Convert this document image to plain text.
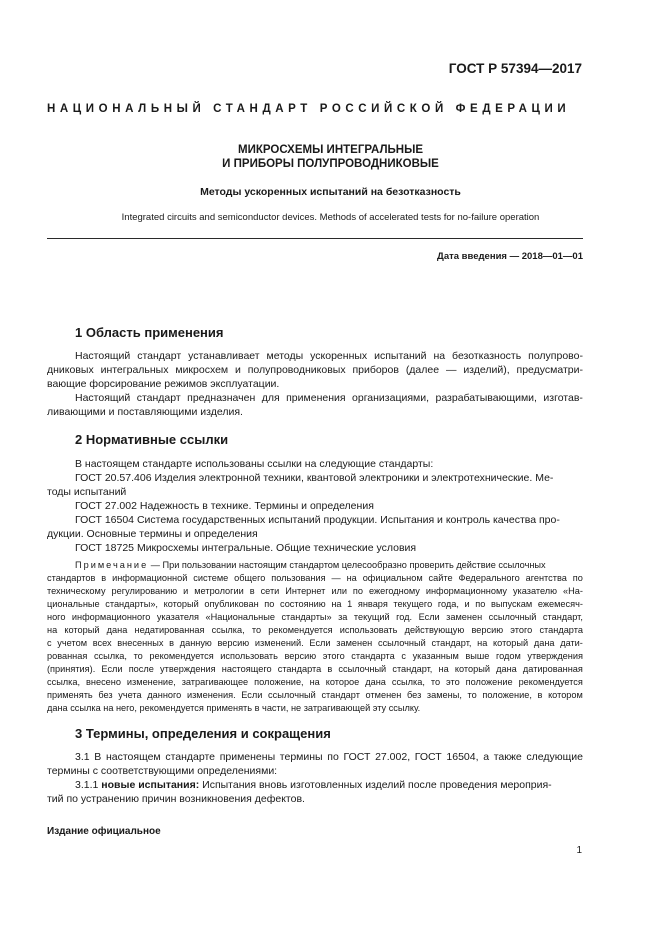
ГОСТ Р 57394—2017
НАЦИОНАЛЬНЫЙ СТАНДАРТ РОССИЙСКОЙ ФЕДЕРАЦИИ
МИКРОСХЕМЫ ИНТЕГРАЛЬНЫЕ
И ПРИБОРЫ ПОЛУПРОВОДНИКОВЫЕ
Методы ускоренных испытаний на безотказность
Integrated circuits and semiconductor devices. Methods of accelerated tests for no-failure operation
Дата введения — 2018—01—01
1 Область применения
Настоящий стандарт устанавливает методы ускоренных испытаний на безотказность полупрово-
дниковых интегральных микросхем и полупроводниковых приборов (далее — изделий), предусматри-
вающие форсирование режимов эксплуатации.
Настоящий стандарт предназначен для применения организациями, разрабатывающими, изготав-
ливающими и поставляющими изделия.
2 Нормативные ссылки
В настоящем стандарте использованы ссылки на следующие стандарты:
ГОСТ 20.57.406 Изделия электронной техники, квантовой электроники и электротехнические. Ме-
тоды испытаний
ГОСТ 27.002 Надежность в технике. Термины и определения
ГОСТ 16504 Система государственных испытаний продукции. Испытания и контроль качества про-
дукции. Основные термины и определения
ГОСТ 18725 Микросхемы интегральные. Общие технические условия
Примечание — При пользовании настоящим стандартом целесообразно проверить действие ссылочных
стандартов в информационной системе общего пользования — на официальном сайте Федерального агентства по
техническому регулированию и метрологии в сети Интернет или по ежегодному информационному указателю «На-
циональные стандарты», который опубликован по состоянию на 1 января текущего года, и по выпускам ежемесяч-
ного информационного указателя «Национальные стандарты» за текущий год. Если заменен ссылочный стандарт,
на который дана недатированная ссылка, то рекомендуется использовать действующую версию этого стандарта
с учетом всех внесенных в данную версию изменений. Если заменен ссылочный стандарт, на который дана дати-
рованная ссылка, то рекомендуется использовать версию этого стандарта с указанным выше годом утверждения
(принятия). Если после утверждения настоящего стандарта в ссылочный стандарт, на который дана датированная
ссылка, внесено изменение, затрагивающее положение, на которое дана ссылка, то это положение рекомендуется
применять без учета данного изменения. Если ссылочный стандарт отменен без замены, то положение, в котором
дана ссылка на него, рекомендуется применять в части, не затрагивающей эту ссылку.
3 Термины, определения и сокращения
3.1 В настоящем стандарте применены термины по ГОСТ 27.002, ГОСТ 16504, а также следующие
термины с соответствующими определениями:
3.1.1 новые испытания: Испытания вновь изготовленных изделий после проведения мероприя-
тий по устранению причин возникновения дефектов.
Издание официальное
1
